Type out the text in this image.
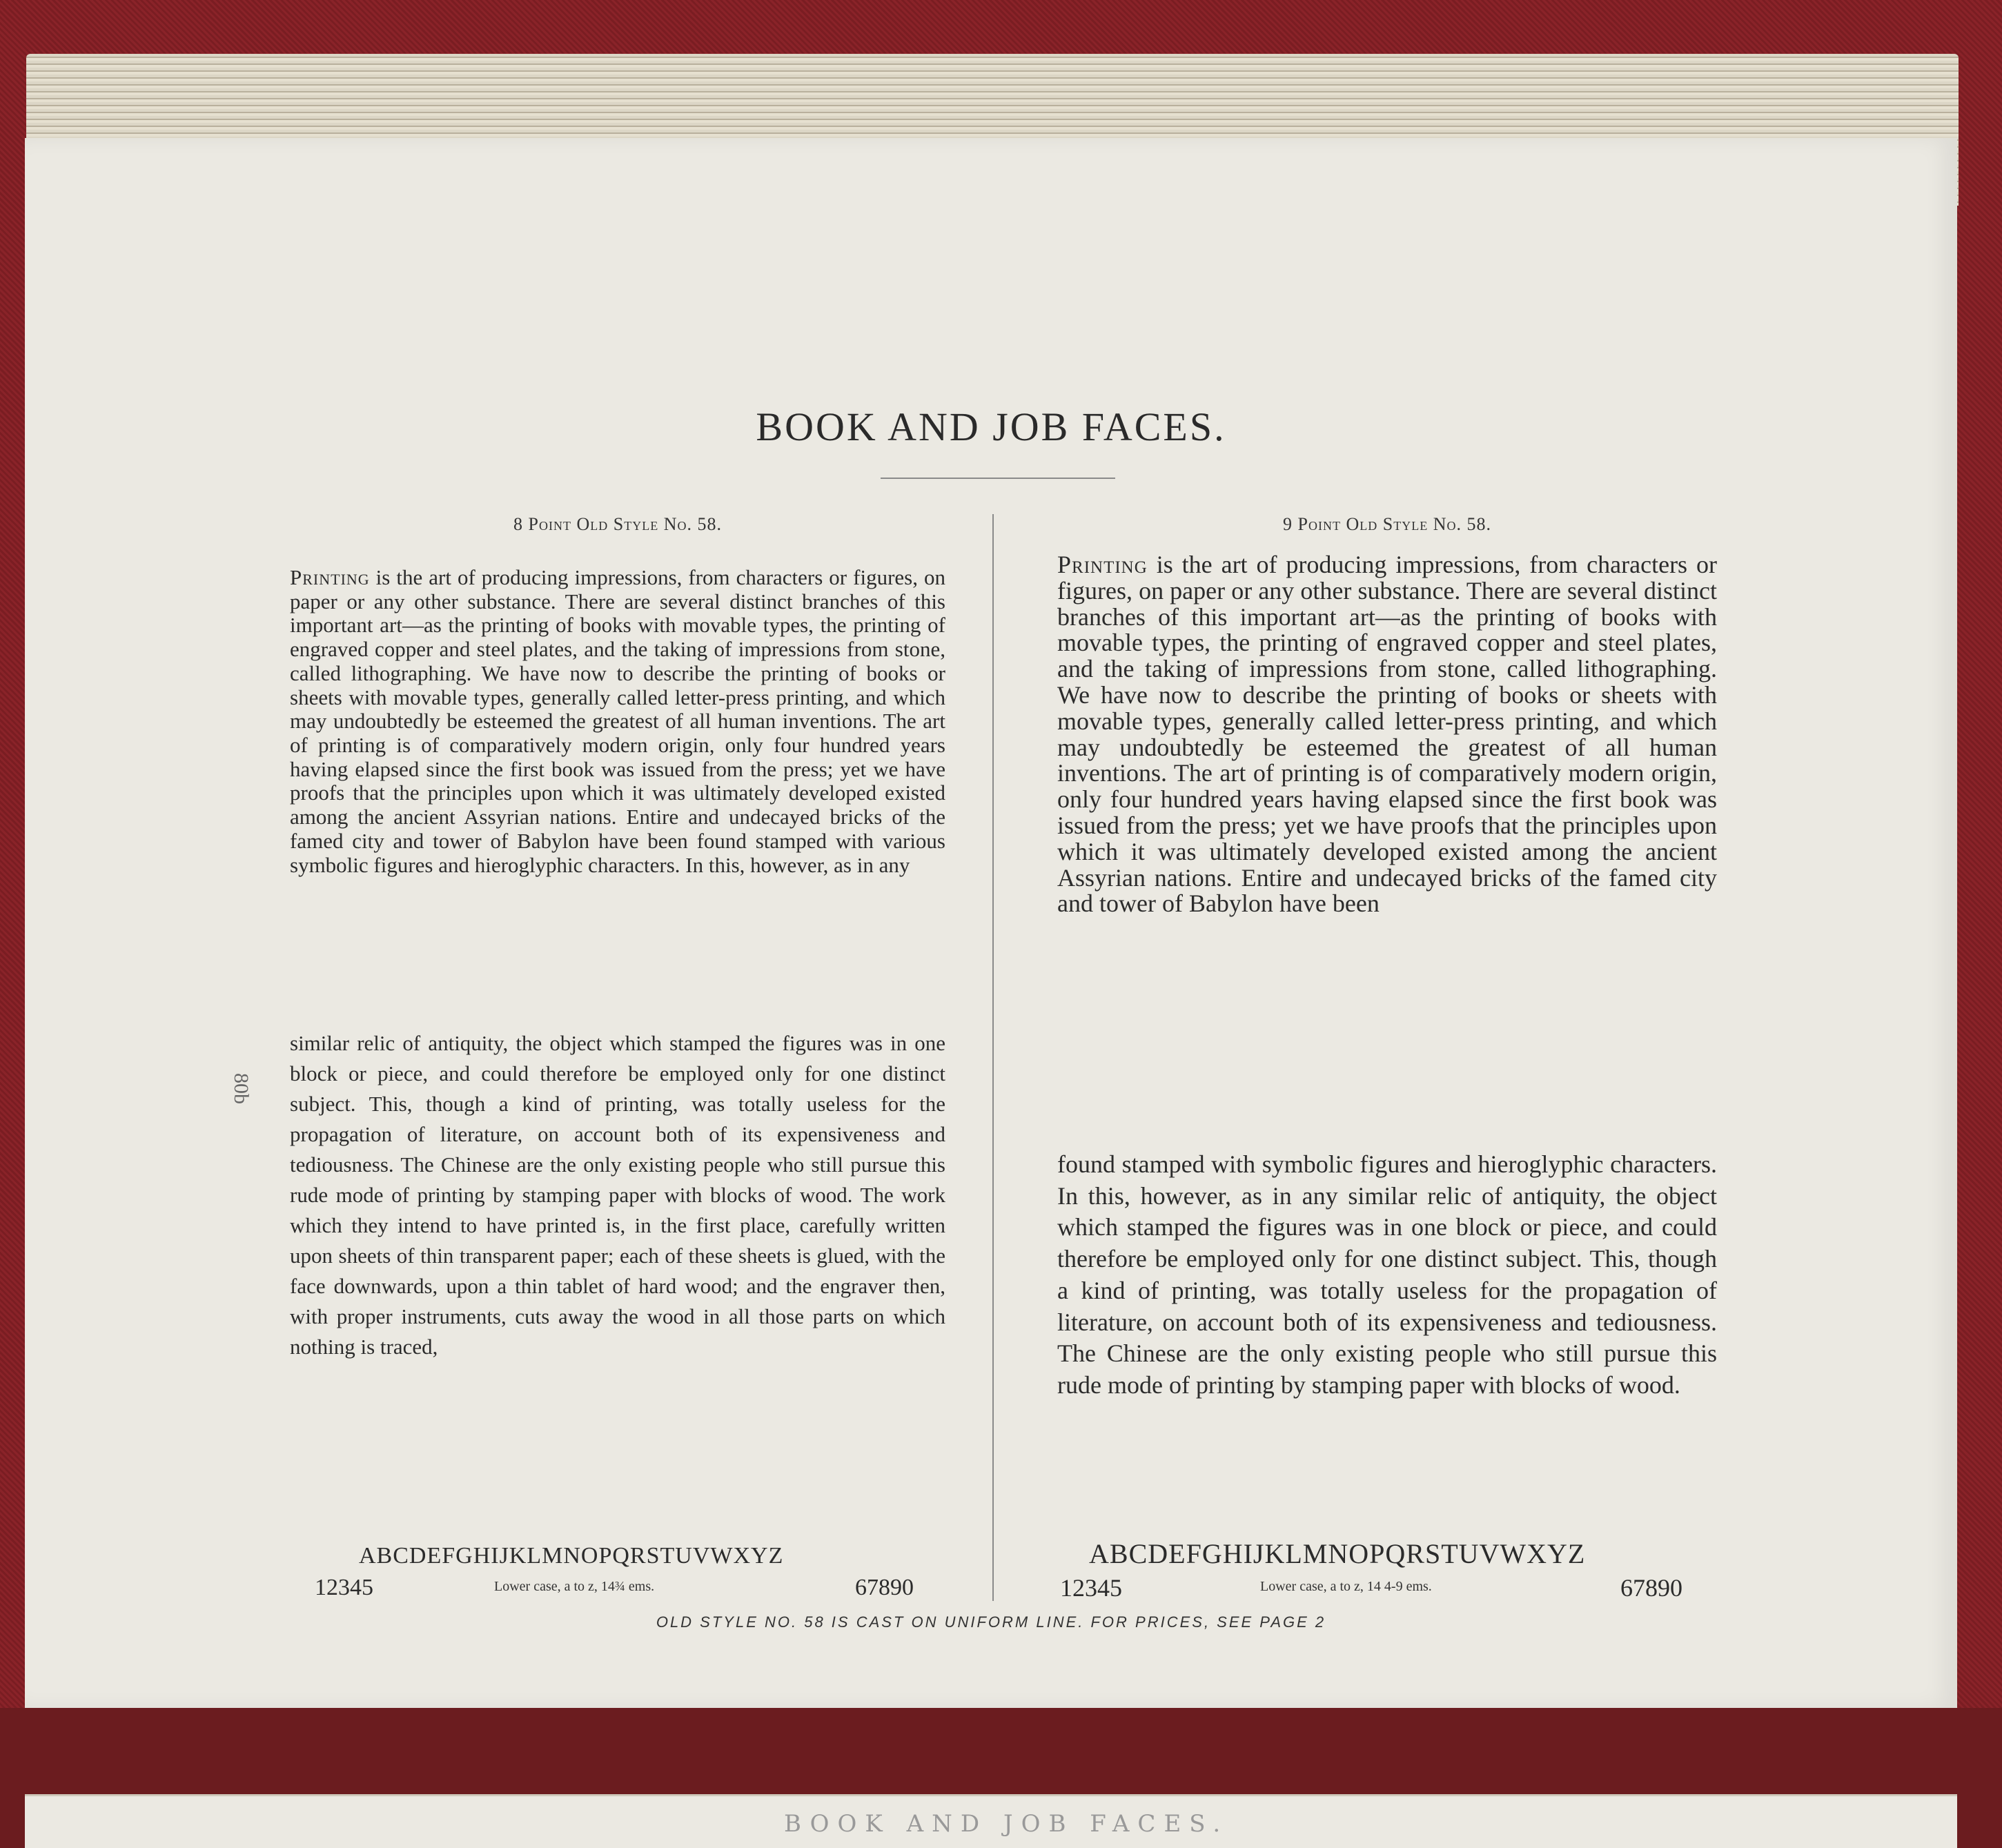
BOOK AND JOB FACES.
80b
8 Point Old Style No. 58.	9 Point Old Style No. 58.
Printing is the art of producing impressions, from characters or figures, on paper or any other substance. There are several distinct branches of this important art—as the printing of books with movable types, the printing of engraved copper and steel plates, and the taking of impressions from stone, called lithographing. We have now to describe the printing of books or sheets with movable types, generally called letter-press printing, and which may undoubtedly be esteemed the greatest of all human inventions. The art of printing is of comparatively modern origin, only four hundred years having elapsed since the first book was issued from the press; yet we have proofs that the principles upon which it was ultimately developed existed among the ancient Assyrian nations. Entire and undecayed bricks of the famed city and tower of Babylon have been found stamped with various symbolic figures and hieroglyphic characters. In this, however, as in any
similar relic of antiquity, the object which stamped the figures was in one block or piece, and could therefore be employed only for one distinct subject. This, though a kind of printing, was totally useless for the propagation of literature, on account both of its expensiveness and tediousness. The Chinese are the only existing people who still pursue this rude mode of printing by stamping paper with blocks of wood. The work which they intend to have printed is, in the first place, carefully written upon sheets of thin transparent paper; each of these sheets is glued, with the face downwards, upon a thin tablet of hard wood; and the engraver then, with proper instruments, cuts away the wood in all those parts on which nothing is traced,
Printing is the art of producing impressions, from characters or figures, on paper or any other substance. There are several distinct branches of this important art—as the printing of books with movable types, the printing of engraved copper and steel plates, and the taking of impressions from stone, called lithographing. We have now to describe the printing of books or sheets with movable types, generally called letter-press printing, and which may undoubtedly be esteemed the greatest of all human inventions. The art of printing is of comparatively modern origin, only four hundred years having elapsed since the first book was issued from the press; yet we have proofs that the principles upon which it was ultimately developed existed among the ancient Assyrian nations. Entire and undecayed bricks of the famed city and tower of Babylon have been
found stamped with symbolic figures and hieroglyphic characters. In this, however, as in any similar relic of antiquity, the object which stamped the figures was in one block or piece, and could therefore be employed only for one distinct subject. This, though a kind of printing, was totally useless for the propagation of literature, on account both of its expensiveness and tediousness. The Chinese are the only existing people who still pursue this rude mode of printing by stamping paper with blocks of wood.
ABCDEFGHIJKLMNOPQRSTUVWXYZ
12345	Lower case, a to z, 14¾ ems.	67890
ABCDEFGHIJKLMNOPQRSTUVWXYZ
12345	Lower case, a to z, 14 4-9 ems.	67890
OLD STYLE NO. 58 IS CAST ON UNIFORM LINE. FOR PRICES, SEE PAGE 2
BOOK AND JOB FACES.
